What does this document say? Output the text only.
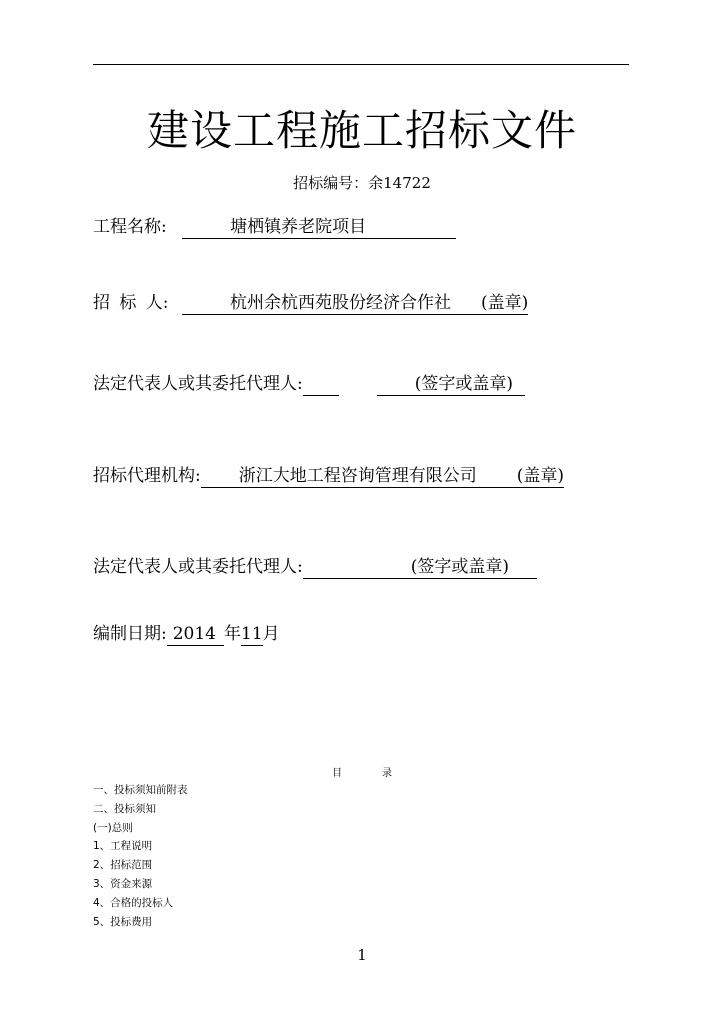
建设工程施工招标文件
招标编号：余14722
工程名称:	塘栖镇养老院项目
招 标 人:	杭州余杭西苑股份经济合作社 (盖章)
法定代表人或其委托代理人:	(签字或盖章)
招标代理机构: 浙江大地工程咨询管理有限公司 (盖章)
法定代表人或其委托代理人:	(签字或盖章)
编制日期: 2014 年11月
目	录
一、投标须知前附表
二、投标须知
(一)总则
1、工程说明
2、招标范围
3、资金来源
4、合格的投标人
5、投标费用
1
